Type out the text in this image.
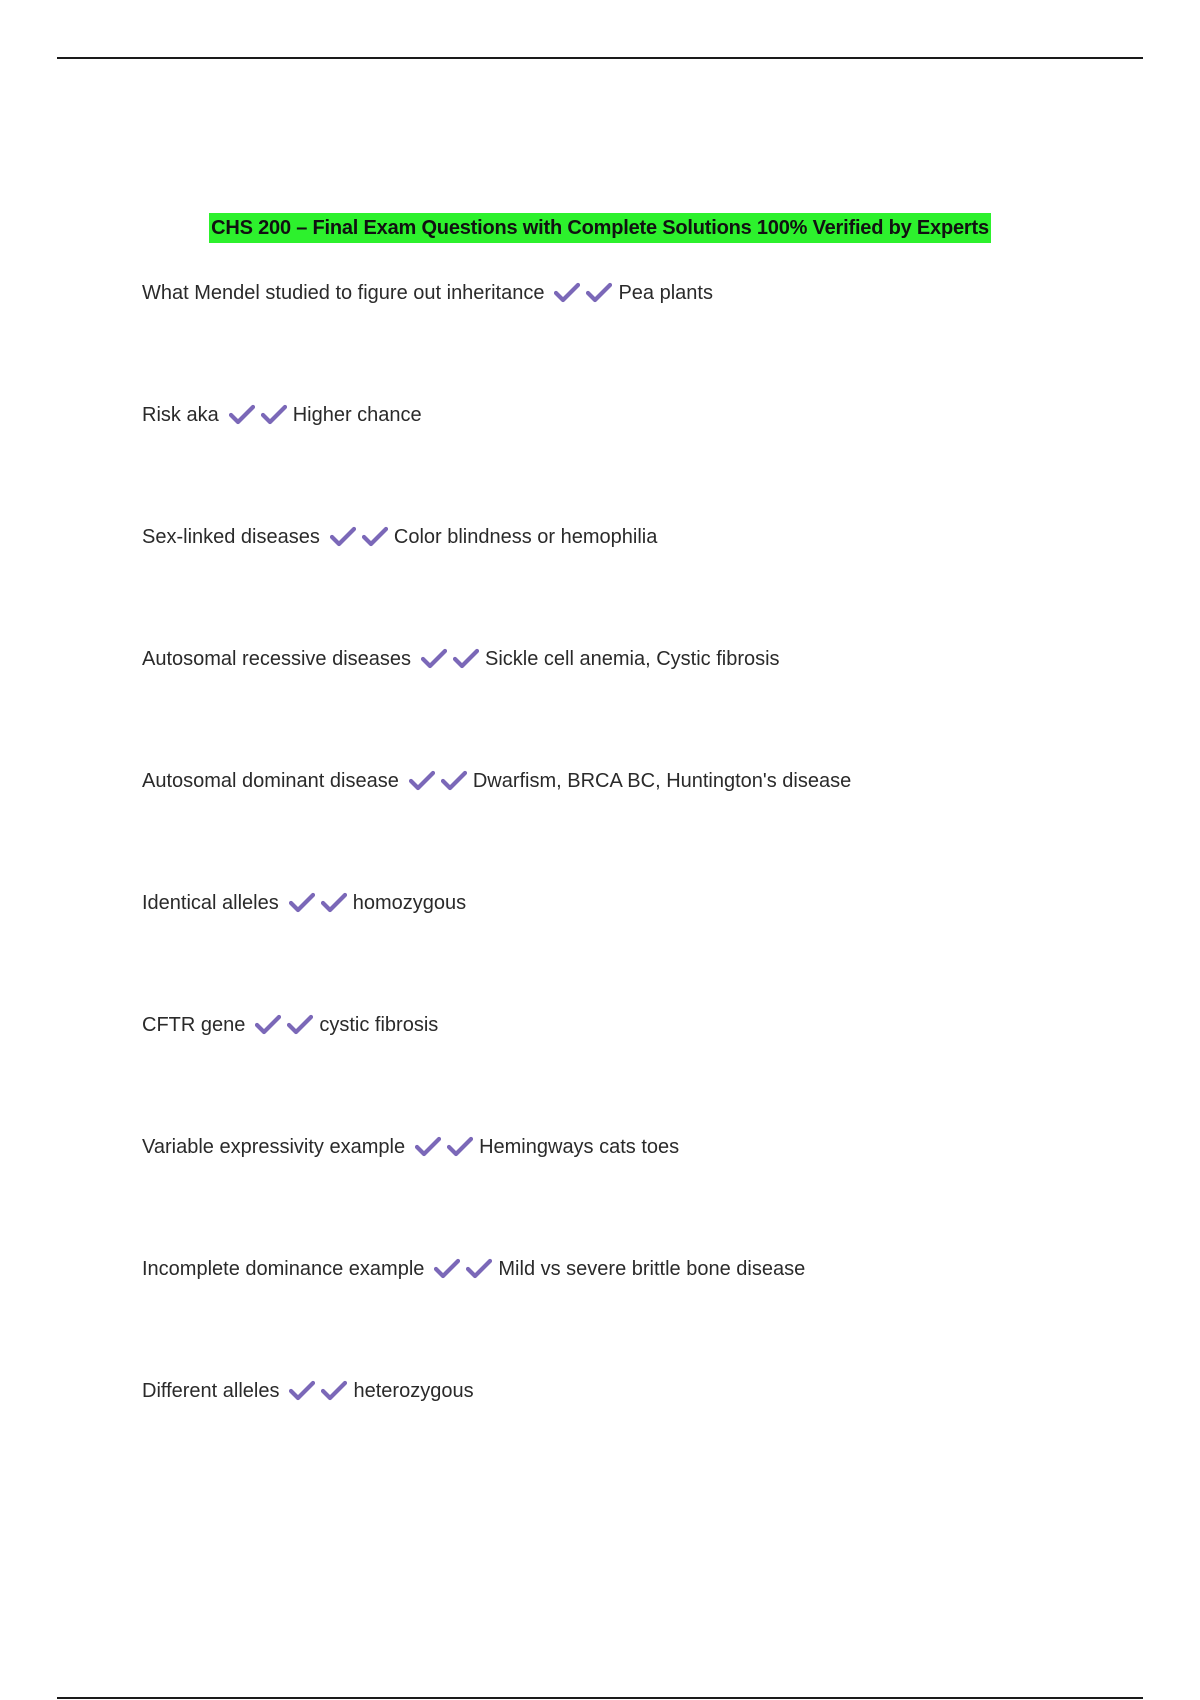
CHS 200 – Final Exam Questions with Complete Solutions 100% Verified by Experts
What Mendel studied to figure out inheritance	Pea plants
Risk aka	Higher chance
Sex-linked diseases	Color blindness or hemophilia
Autosomal recessive diseases	Sickle cell anemia, Cystic fibrosis
Autosomal dominant disease	Dwarfism, BRCA BC, Huntington's disease
Identical alleles	homozygous
CFTR gene	cystic fibrosis
Variable expressivity example	Hemingways cats toes
Incomplete dominance example	Mild vs severe brittle bone disease
Different alleles	heterozygous
